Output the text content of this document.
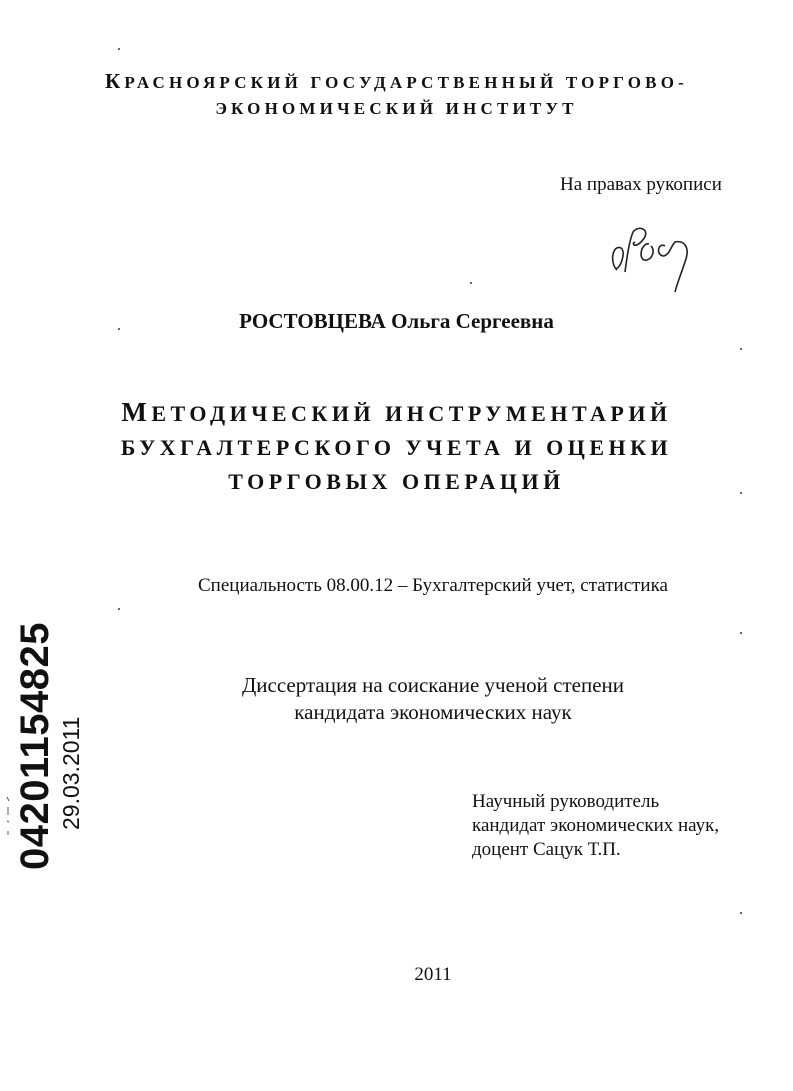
КРАСНОЯРСКИЙ ГОСУДАРСТВЕННЫЙ ТОРГОВО-
ЭКОНОМИЧЕСКИЙ ИНСТИТУТ
На правах рукописи
РОСТОВЦЕВА Ольга Сергеевна
МЕТОДИЧЕСКИЙ ИНСТРУМЕНТАРИЙ
БУХГАЛТЕРСКОГО УЧЕТА И ОЦЕНКИ
ТОРГОВЫХ ОПЕРАЦИЙ
Специальность 08.00.12 – Бухгалтерский учет, статистика
Диссертация на соискание ученой степени
кандидата экономических наук
Научный руководитель
кандидат экономических наук,
доцент Сацук Т.П.
2011
04201154825 29.03.2011
